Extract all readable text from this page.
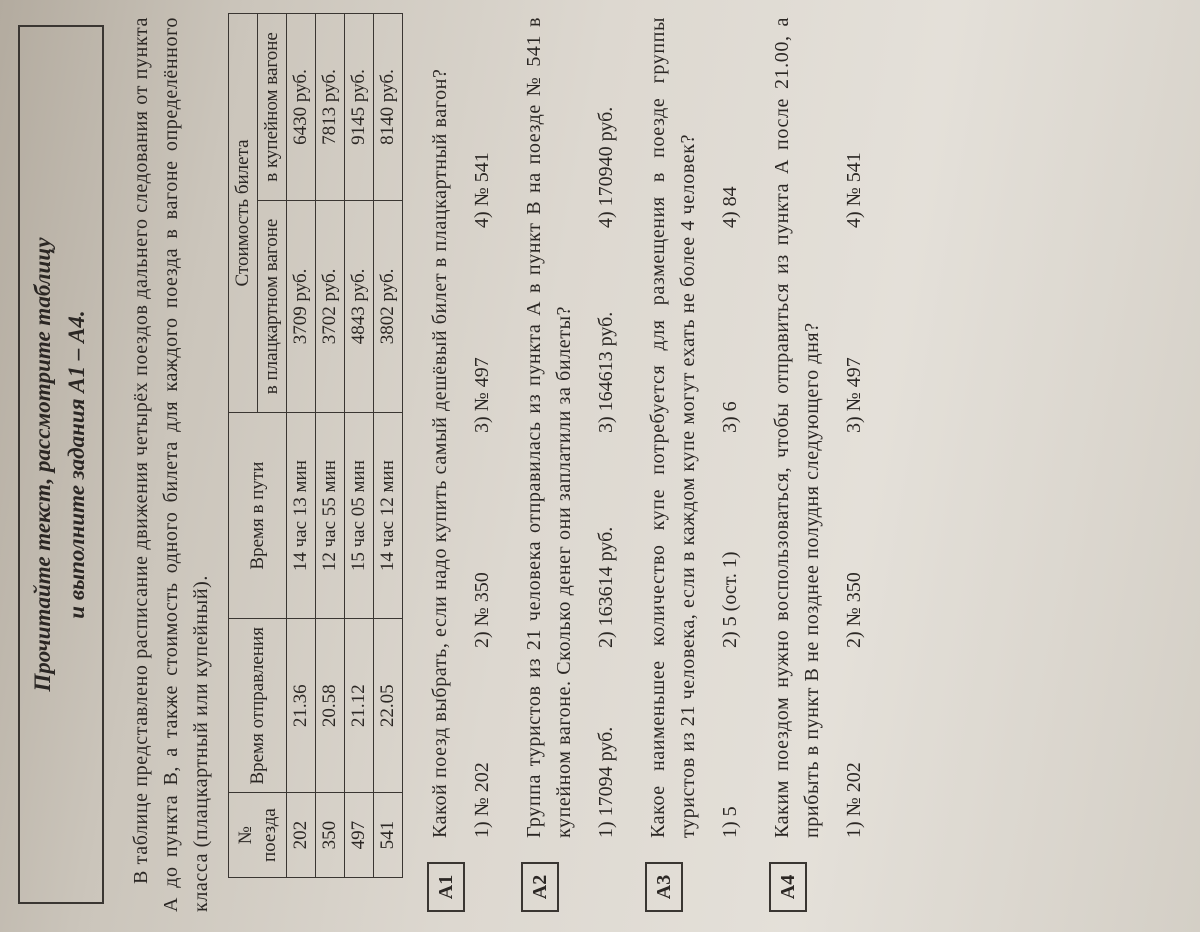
Прочитайте текст, рассмотрите таблицу и выполните задания А1 – А4. В таблице представлено расписание движения четырёх поездов дальнего следования от пункта А до пункта В, а также стоимость одного билета для каждого поезда в вагоне определённого класса (плацкартный или купейный). № поезда	Время отправления	Время в пути	Стоимость билета	
			в плацкартном вагоне	в купейном вагоне
202	21.36	14 час 13 мин	3709 руб.	6430 руб.
350	20.58	12 час 55 мин	3702 руб.	7813 руб.
497	21.12	15 час 05 мин	4843 руб.	9145 руб.
541	22.05	14 час 12 мин	3802 руб.	8140 руб.
А1
Какой поезд выбрать, если надо купить самый дешёвый билет в плацкартный вагон? 1) № 202
2) № 350
3) № 497
4) № 541
А2
Группа туристов из 21 человека отправилась из пункта А в пункт В на поезде № 541 в купейном вагоне. Сколько денег они заплатили за билеты? 1) 17094 руб.
2) 163614 руб.
3) 164613 руб.
4) 170940 руб.
А3
Какое наименьшее количество купе потребуется для размещения в поезде группы туристов из 21 человека, если в каждом купе могут ехать не более 4 человек? 1) 5
2) 5 (ост. 1)
3) 6
4) 84
А4
Каким поездом нужно воспользоваться, чтобы отправиться из пункта А после 21.00, а прибыть в пункт В не позднее полудня следующего дня? 1) № 202
2) № 350
3) № 497
4) № 541
